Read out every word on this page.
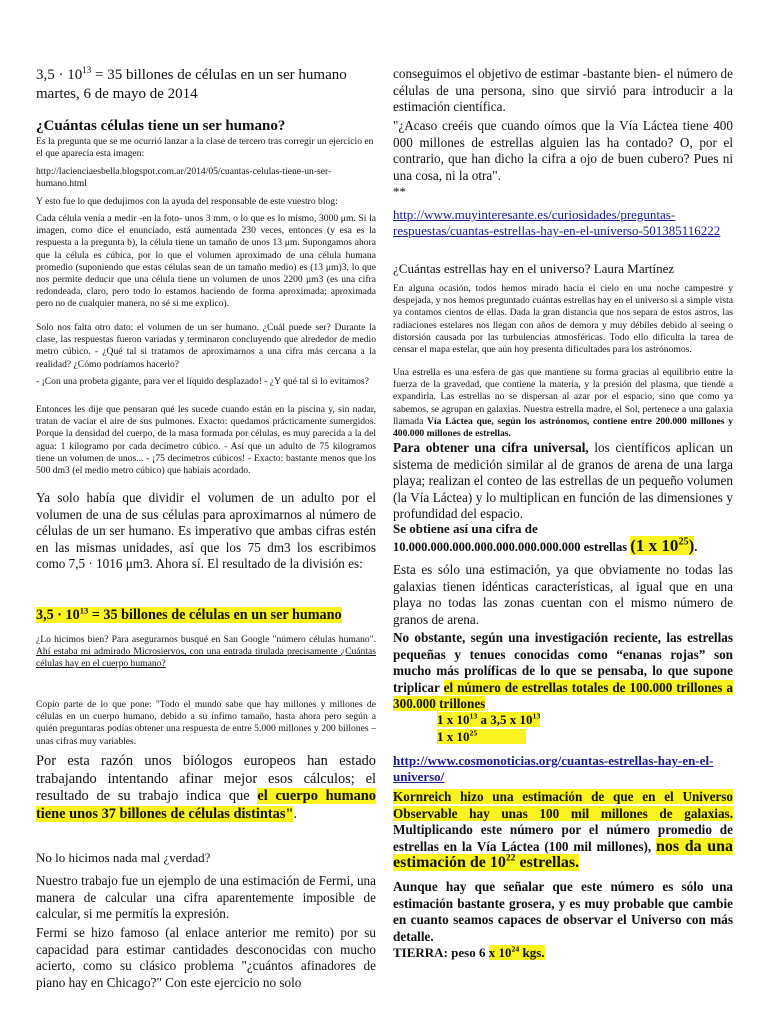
$3,5 \cdot 10^{13} = 35$ billones de células en un ser humano

martes, 6 de mayo de 2014

¿Cuántas células tiene un ser humano?

Es la pregunta que se me ocurrió lanzar a la clase de tercero tras corregir un ejercicio en el que aparecía esta imagen:

http://lacienciaesbella.blogspot.com.ar/2014/05/cuantas-celulas-tiene-un-ser-humano.html

Y esto fue lo que dedujimos con la ayuda del responsable de este vuestro blog:

Cada célula venía a medir -en la foto- unos 3 mm, o lo que es lo mismo, 3000 μm. Si la imagen, como dice el enunciado, está aumentada 230 veces, entonces (y esa es la respuesta a la pregunta b), la célula tiene un tamaño de unos 13 μm. Supongamos ahora que la célula es cúbica, por lo que el volumen aproximado de una célula humana promedio (suponiendo que estas células sean de un tamaño medio) es (13 μm)3, lo que nos permite deducir que una célula tiene un volumen de unos 2200 μm3 (es una cifra redondeada, claro, pero todo lo estamos haciendo de forma aproximada; aproximada pero no de cualquier manera, no sé si me explico).

Solo nos falta otro dato: el volumen de un ser humano. ¿Cuál puede ser? Durante la clase, las respuestas fueron variadas y terminaron concluyendo que alrededor de medio metro cúbico. - ¿Qué tal si tratamos de aproximarnos a una cifra más cercana a la realidad? ¿Cómo podríamos hacerlo?

- ¡Con una probeta gigante, para ver el líquido desplazado! - ¿Y qué tal si lo evitamos?

Entonces les dije que pensaran qué les sucede cuando están en la piscina y, sin nadar, tratan de vaciar el aire de sus pulmones. Exacto: quedamos prácticamente sumergidos. Porque la densidad del cuerpo, de la masa formada por células, es muy parecida a la del agua: 1 kilogramo por cada decímetro cúbico. - Así que un adulto de 75 kilogramos tiene un volumen de unos... - ¡75 decímetros cúbicos! - Exacto: bastante menos que los 500 dm3 (el medio metro cúbico) que habíais acordado.

Ya solo había que dividir el volumen de un adulto por el volumen de una de sus células para aproximarnos al número de células de un ser humano. Es imperativo que ambas cifras estén en las mismas unidades, así que los 75 dm3 los escribimos como 7,5 · 1016 μm3. Ahora sí. El resultado de la división es:

$3,5 \cdot 10^{13} = 35$ billones de células en un ser humano

¿Lo hicimos bien? Para asegurarnos busqué en San Google "número células humano". Ahí estaba mi admirado Microsiervos, con una entrada titulada precisamente ¿Cuántas células hay en el cuerpo humano?

Copio parte de lo que pone: "Todo el mundo sabe que hay millones y millones de células en un cuerpo humano, debido a su ínfimo tamaño, hasta ahora pero según a quién preguntaras podías obtener una respuesta de entre 5.000 millones y 200 billones – unas cifras muy variables.

Por esta razón unos biólogos europeos han estado trabajando intentando afinar mejor esos cálculos; el resultado de su trabajo indica que el cuerpo humano tiene unos 37 billones de células distintas".

No lo hicimos nada mal ¿verdad?

Nuestro trabajo fue un ejemplo de una estimación de Fermi, una manera de calcular una cifra aparentemente imposible de calcular, si me permitís la expresión.

Fermi se hizo famoso (al enlace anterior me remito) por su capacidad para estimar cantidades desconocidas con mucho acierto, como su clásico problema "¿cuántos afinadores de piano hay en Chicago?" Con este ejercicio no solo

conseguimos el objetivo de estimar -bastante bien- el número de células de una persona, sino que sirvió para introducir a la estimación científica.

"¿Acaso creéis que cuando oímos que la Vía Láctea tiene 400 000 millones de estrellas alguien las ha contado? O, por el contrario, que han dicho la cifra a ojo de buen cubero? Pues ni una cosa, ni la otra".

**

http://www.muyinteresante.es/curiosidades/preguntas-respuestas/cuantas-estrellas-hay-en-el-universo-501385116222

¿Cuántas estrellas hay en el universo? Laura Martínez

En alguna ocasión, todos hemos mirado hacia el cielo en una noche campestre y despejada, y nos hemos preguntado cuántas estrellas hay en el universo si a simple vista ya contamos cientos de ellas. Dada la gran distancia que nos separa de estos astros, las radiaciones estelares nos llegan con años de demora y muy débiles debido al seeing o distorsión causada por las turbulencias atmosféricas. Todo ello dificulta la tarea de censar el mapa estelar, que aún hoy presenta dificultades para los astrónomos.

Una estrella es una esfera de gas que mantiene su forma gracias al equilibrio entre la fuerza de la gravedad, que contiene la materia, y la presión del plasma, que tiende a expandirla. Las estrellas no se dispersan al azar por el espacio, sino que como ya sabemos, se agrupan en galaxias. Nuestra estrella madre, el Sol, pertenece a una galaxia llamada Vía Láctea que, según los astrónomos, contiene entre 200.000 millones y 400.000 millones de estrellas.

Para obtener una cifra universal, los científicos aplican un sistema de medición similar al de granos de arena de una larga playa; realizan el conteo de las estrellas de un pequeño volumen (la Vía Láctea) y lo multiplican en función de las dimensiones y profundidad del espacio.

Se obtiene así una cifra de

10.000.000.000.000.000.000.000.000 estrellas (1 x $10^{25}$).

Esta es sólo una estimación, ya que obviamente no todas las galaxias tienen idénticas características, al igual que en una playa no todas las zonas cuentan con el mismo número de granos de arena.

No obstante, según una investigación reciente, las estrellas pequeñas y tenues conocidas como “enanas rojas” son mucho más prolíficas de lo que se pensaba, lo que supone triplicar el número de estrellas totales de 100.000 trillones a 300.000 trillones

1 x $10^{13}$ a 3,5 x $10^{13}$

1 x $10^{25}$

http://www.cosmonoticias.org/cuantas-estrellas-hay-en-el-universo/

Kornreich hizo una estimación de que en el Universo Observable hay unas 100 mil millones de galaxias. Multiplicando este número por el número promedio de estrellas en la Vía Láctea (100 mil millones), nos da una estimación de $10^{22}$ estrellas.

Aunque hay que señalar que este número es sólo una estimación bastante grosera, y es muy probable que cambie en cuanto seamos capaces de observar el Universo con más detalle.

TIERRA: peso 6 x $10^{24}$ kgs.
